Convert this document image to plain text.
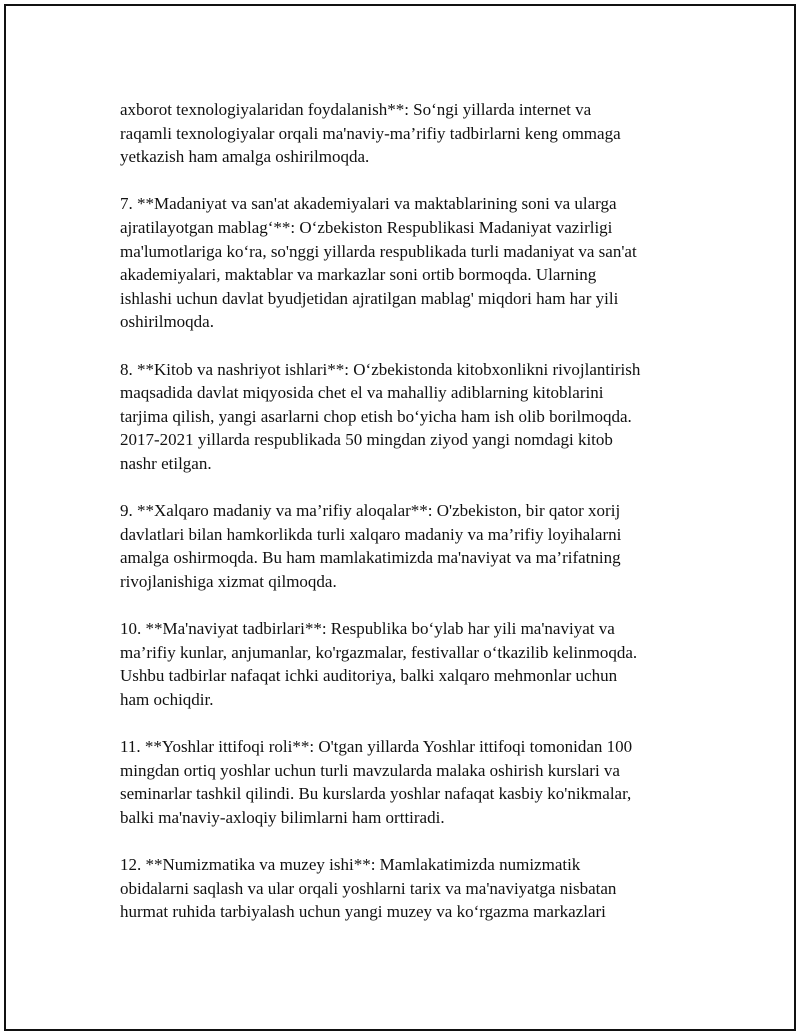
axborot texnologiyalaridan foydalanish**: So‘ngi yillarda internet va
raqamli texnologiyalar orqali ma'naviy-ma’rifiy tadbirlarni keng ommaga
yetkazish ham amalga oshirilmoqda.

7. **Madaniyat va san'at akademiyalari va maktablarining soni va ularga
ajratilayotgan mablag‘**: O‘zbekiston Respublikasi Madaniyat vazirligi
ma'lumotlariga ko‘ra, so'nggi yillarda respublikada turli madaniyat va san'at
akademiyalari, maktablar va markazlar soni ortib bormoqda. Ularning
ishlashi uchun davlat byudjetidan ajratilgan mablag' miqdori ham har yili
oshirilmoqda.

8. **Kitob va nashriyot ishlari**: O‘zbekistonda kitobxonlikni rivojlantirish
maqsadida davlat miqyosida chet el va mahalliy adiblarning kitoblarini
tarjima qilish, yangi asarlarni chop etish bo‘yicha ham ish olib borilmoqda.
2017-2021 yillarda respublikada 50 mingdan ziyod yangi nomdagi kitob
nashr etilgan.

9. **Xalqaro madaniy va ma’rifiy aloqalar**: O'zbekiston, bir qator xorij
davlatlari bilan hamkorlikda turli xalqaro madaniy va ma’rifiy loyihalarni
amalga oshirmoqda. Bu ham mamlakatimizda ma'naviyat va ma’rifatning
rivojlanishiga xizmat qilmoqda.

10. **Ma'naviyat tadbirlari**: Respublika bo‘ylab har yili ma'naviyat va
ma’rifiy kunlar, anjumanlar, ko'rgazmalar, festivallar o‘tkazilib kelinmoqda.
Ushbu tadbirlar nafaqat ichki auditoriya, balki xalqaro mehmonlar uchun
ham ochiqdir.

11. **Yoshlar ittifoqi roli**: O'tgan yillarda Yoshlar ittifoqi tomonidan 100
mingdan ortiq yoshlar uchun turli mavzularda malaka oshirish kurslari va
seminarlar tashkil qilindi. Bu kurslarda yoshlar nafaqat kasbiy ko'nikmalar,
balki ma'naviy-axloqiy bilimlarni ham orttiradi.

12. **Numizmatika va muzey ishi**: Mamlakatimizda numizmatik
obidalarni saqlash va ular orqali yoshlarni tarix va ma'naviyatga nisbatan
hurmat ruhida tarbiyalash uchun yangi muzey va ko‘rgazma markazlari
